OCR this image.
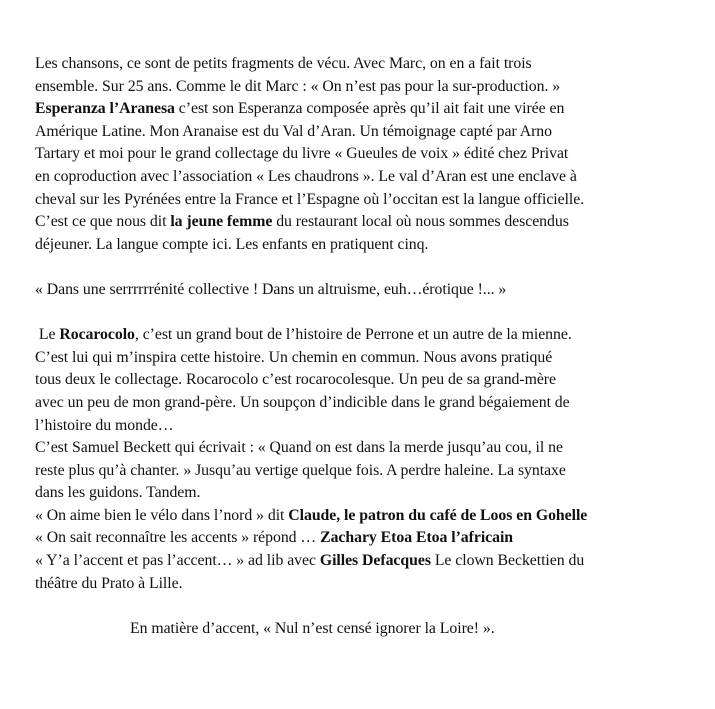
Les chansons, ce sont de petits fragments de vécu. Avec Marc, on en a fait trois

ensemble. Sur 25 ans. Comme le dit Marc : « On n’est pas pour la sur-production. »

Esperanza l’Aranesa c’est son Esperanza composée après qu’il ait fait une virée en

Amérique Latine. Mon Aranaise est du Val d’Aran. Un témoignage capté par Arno

Tartary et moi pour le grand collectage du livre « Gueules de voix » édité chez Privat

en coproduction avec l’association « Les chaudrons ». Le val d’Aran est une enclave à

cheval sur les Pyrénées entre la France et l’Espagne où l’occitan est la langue officielle.

C’est ce que nous dit la jeune femme du restaurant local où nous sommes descendus

déjeuner. La langue compte ici. Les enfants en pratiquent cinq.

« Dans une serrrrrrénité collective ! Dans un altruisme, euh…érotique !... »

Le Rocarocolo, c’est un grand bout de l’histoire de Perrone et un autre de la mienne.

C’est lui qui m’inspira cette histoire. Un chemin en commun. Nous avons pratiqué

tous deux le collectage. Rocarocolo c’est rocarocolesque. Un peu de sa grand-mère

avec un peu de mon grand-père. Un soupçon d’indicible dans le grand bégaiement de

l’histoire du monde…

C’est Samuel Beckett qui écrivait : « Quand on est dans la merde jusqu’au cou, il ne

reste plus qu’à chanter. » Jusqu’au vertige quelque fois. A perdre haleine. La syntaxe

dans les guidons. Tandem.

« On aime bien le vélo dans l’nord » dit Claude, le patron du café de Loos en Gohelle

« On sait reconnaître les accents » répond … Zachary Etoa Etoa l’africain

« Y’a l’accent et pas l’accent… » ad lib avec Gilles Defacques Le clown Beckettien du

théâtre du Prato à Lille.

En matière d’accent, « Nul n’est censé ignorer la Loire! ».
